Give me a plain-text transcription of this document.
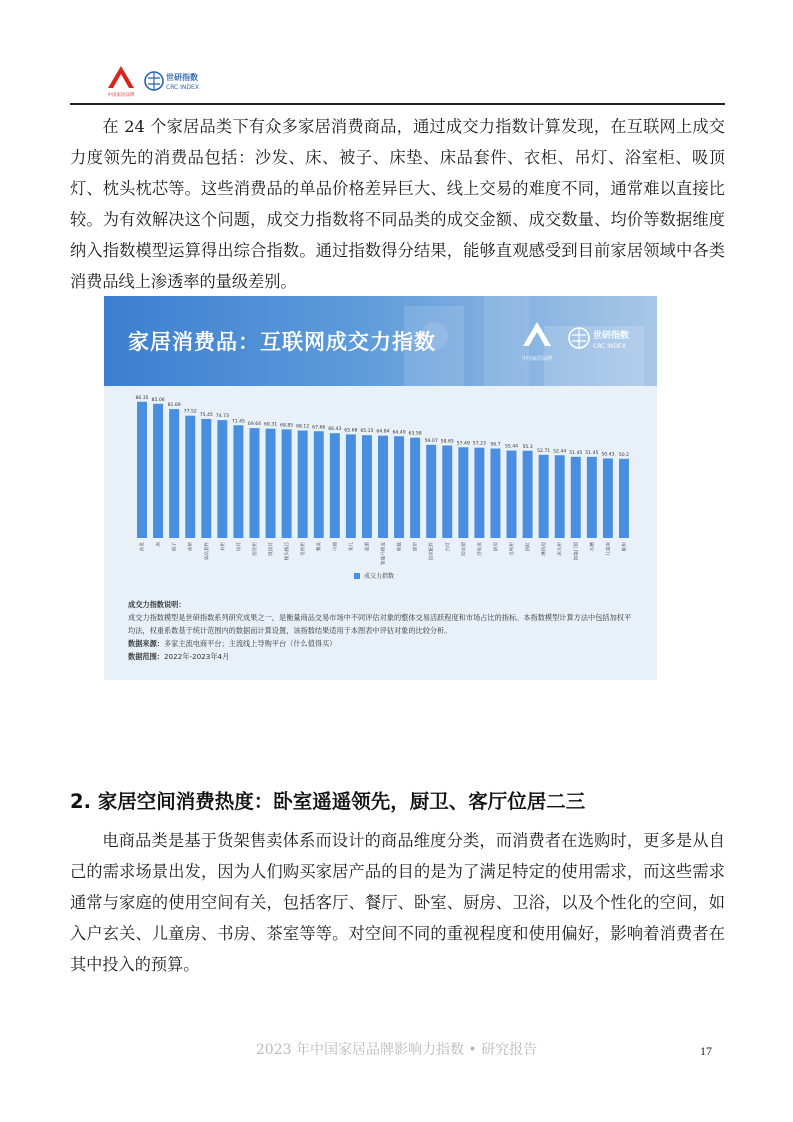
中国家居品牌
世研指数
CRC INDEX

在 24 个家居品类下有众多家居消费商品，通过成交力指数计算发现，在互联网上成交力度领先的消费品包括：沙发、床、被子、床垫、床品套件、衣柜、吊灯、浴室柜、吸顶灯、枕头枕芯等。这些消费品的单品价格差异巨大、线上交易的难度不同，通常难以直接比较。为有效解决这个问题，成交力指数将不同品类的成交金额、成交数量、均价等数据维度纳入指数模型运算得出综合指数。通过指数得分结果，能够直观感受到目前家居领域中各类消费品线上渗透率的量级差别。

家居消费品：互联网成交力指数
中国家居品牌
世研指数
CRC INDEX
86.35
沙发
85.06
床
81.69
被子
77.52
床垫
75.45
床品套件
74.73
衣柜
71.45
吊灯
69.64
浴室柜
69.31
吸顶灯
68.85
枕头枕芯
68.12
电视柜
67.66
餐桌
66.43
马桶
65.68
茶几
65.15
花洒
64.84
智能马桶盖
64.49
地毯
63.58
窗帘
59.07
浴室配件
58.65
台灯
57.49
晾衣架
57.23
沙发床
56.7
厨房
55.44
电视柜
55.3
浴缸
52.71
淋浴房
52.44
床头柜
51.45
智能门锁
51.45
水槽
50.43
儿童床
50.2
鞋柜
成交力指数

成交力指数说明：

成交力指数模型是世研指数系列研究成果之一，是衡量商品交易市场中不同评估对象的整体交易活跃程度和市场占比的指标。本指数模型计算方法中包括加权平均法，权重系数基于统计范围内的数据而计算设置，该指数结果适用于本图表中评估对象的比较分析。

数据来源：多家主流电商平台；主流线上导购平台（什么值得买）

数据范围：2022年-2023年4月

2. 家居空间消费热度：卧室遥遥领先，厨卫、客厅位居二三

电商品类是基于货架售卖体系而设计的商品维度分类，而消费者在选购时，更多是从自己的需求场景出发，因为人们购买家居产品的目的是为了满足特定的使用需求，而这些需求通常与家庭的使用空间有关，包括客厅、餐厅、卧室、厨房、卫浴，以及个性化的空间，如入户玄关、儿童房、书房、茶室等等。对空间不同的重视程度和使用偏好，影响着消费者在其中投入的预算。

2023 年中国家居品牌影响力指数 • 研究报告	17
